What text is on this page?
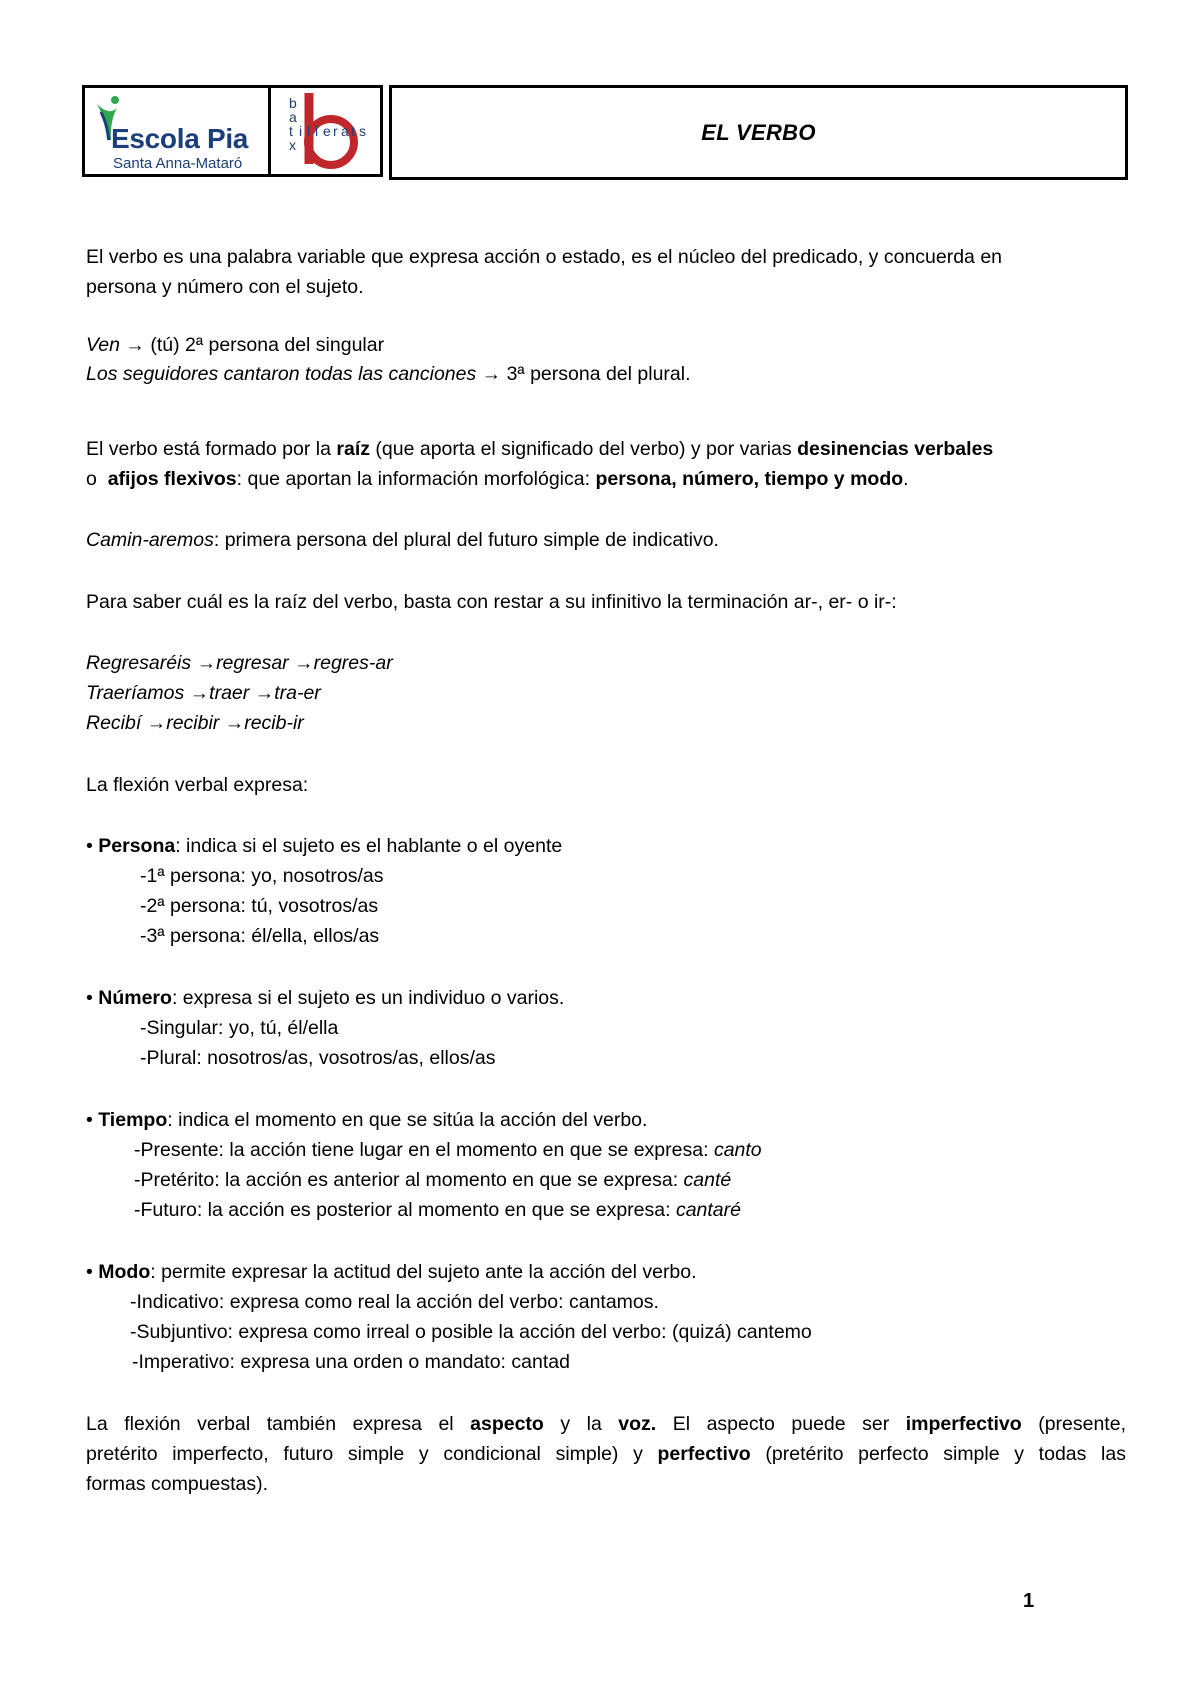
Escola Pia
Santa Anna-Mataró
b
a
t
x
i l l e r a t s	EL VERBO
El verbo es una palabra variable que expresa acción o estado, es el núcleo del predicado, y concuerda en
persona y número con el sujeto.
Ven → (tú) 2ª persona del singular
Los seguidores cantaron todas las canciones → 3ª persona del plural.
El verbo está formado por la raíz (que aporta el significado del verbo) y por varias desinencias verbales
o  afijos flexivos: que aportan la información morfológica: persona, número, tiempo y modo.
Camin-aremos: primera persona del plural del futuro simple de indicativo.
Para saber cuál es la raíz del verbo, basta con restar a su infinitivo la terminación ar-, er- o ir-:
Regresaréis →regresar →regres-ar
Traeríamos →traer →tra-er
Recibí →recibir →recib-ir
La flexión verbal expresa:
• Persona: indica si el sujeto es el hablante o el oyente
-1ª persona: yo, nosotros/as
-2ª persona: tú, vosotros/as
-3ª persona: él/ella, ellos/as
• Número: expresa si el sujeto es un individuo o varios.
-Singular: yo, tú, él/ella
-Plural: nosotros/as, vosotros/as, ellos/as
• Tiempo: indica el momento en que se sitúa la acción del verbo.
-Presente: la acción tiene lugar en el momento en que se expresa: canto
-Pretérito: la acción es anterior al momento en que se expresa: canté
-Futuro: la acción es posterior al momento en que se expresa: cantaré
• Modo: permite expresar la actitud del sujeto ante la acción del verbo.
-Indicativo: expresa como real la acción del verbo: cantamos.
-Subjuntivo: expresa como irreal o posible la acción del verbo: (quizá) cantemo
-Imperativo: expresa una orden o mandato: cantad
La flexión verbal también expresa el aspecto y la voz. El aspecto puede ser imperfectivo (presente,
pretérito imperfecto, futuro simple y condicional simple) y perfectivo (pretérito perfecto simple y todas las
formas compuestas).
1
